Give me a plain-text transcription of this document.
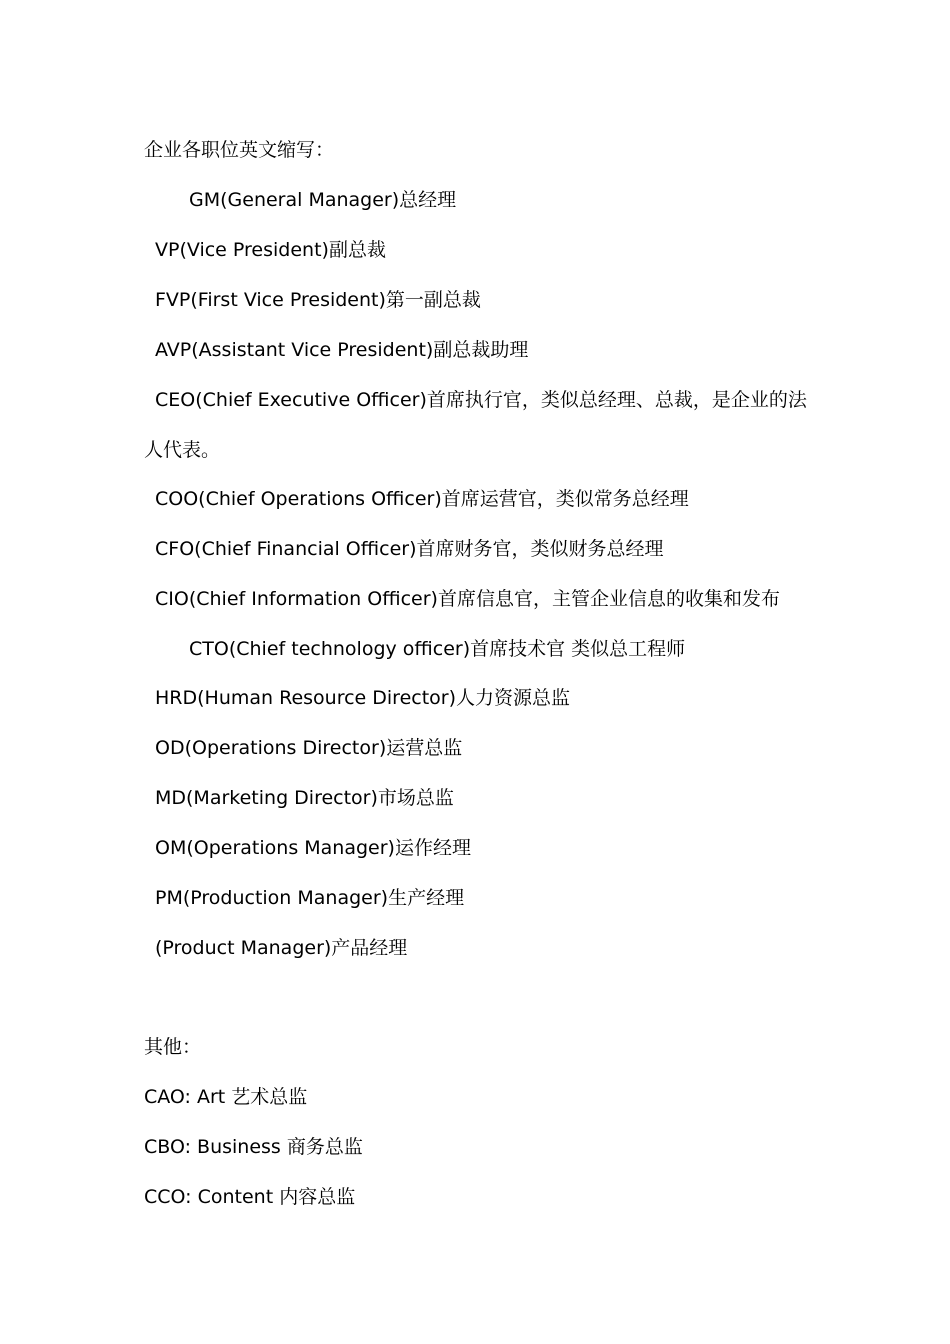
企业各职位英文缩写：
GM(General Manager)总经理
VP(Vice President)副总裁
FVP(First Vice President)第一副总裁
AVP(Assistant Vice President)副总裁助理
CEO(Chief Executive Officer)首席执行官，类似总经理、总裁，是企业的法
人代表。
COO(Chief Operations Officer)首席运营官，类似常务总经理
CFO(Chief Financial Officer)首席财务官，类似财务总经理
CIO(Chief Information Officer)首席信息官，主管企业信息的收集和发布
CTO(Chief technology officer)首席技术官 类似总工程师
HRD(Human Resource Director)人力资源总监
OD(Operations Director)运营总监
MD(Marketing Director)市场总监
OM(Operations Manager)运作经理
PM(Production Manager)生产经理
(Product Manager)产品经理
其他：
CAO: Art 艺术总监
CBO: Business 商务总监
CCO: Content 内容总监
